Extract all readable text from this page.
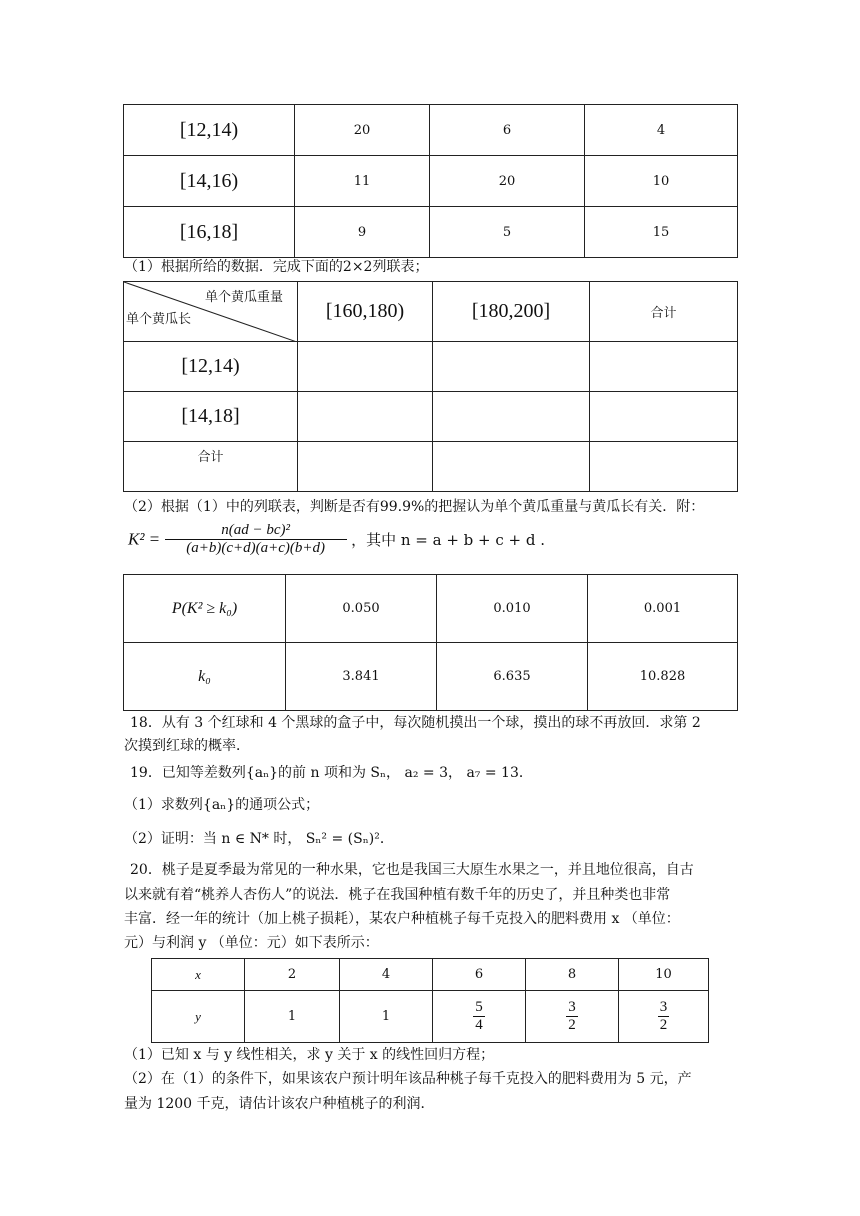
[12,14)	20	6	4
[14,16)	11	20	10
[16,18]	9	5	15
（1）根据所给的数据．完成下面的2×2列联表；
单个黄瓜重量
单个黄瓜长	[160,180)	[180,200]	合计
[12,14)			
[14,18]			
合计			
（2）根据（1）中的列联表，判断是否有99.9%的把握认为单个黄瓜重量与黄瓜长有关．附：
$K^2 = \frac{\text{n(ad − bc)²}}{(a+b)(c+d)(a+c)(b+d)}$ ，其中 n = a + b + c + d .
P(K² ≥ k₀)	0.050	0.010	0.001
k₀	3.841	6.635	10.828
18．从有 3 个红球和 4 个黑球的盒子中，每次随机摸出一个球，摸出的球不再放回．求第 2
次摸到红球的概率．
19．已知等差数列{aₙ}的前 n 项和为 Sₙ， a₂ = 3， a₇ = 13．
（1）求数列{aₙ}的通项公式；
（2）证明：当 n ∈ N* 时， Sₙ² = (Sₙ)²．
20．桃子是夏季最为常见的一种水果，它也是我国三大原生水果之一，并且地位很高，自古
以来就有着“桃养人杏伤人”的说法．桃子在我国种植有数千年的历史了，并且种类也非常
丰富．经一年的统计（加上桃子损耗），某农户种植桃子每千克投入的肥料费用 x （单位：
元）与利润 y （单位：元）如下表所示：
x	2	4	6	8	10
y	1	1	$\frac{5}{4}$	$\frac{3}{2}$	$\frac{3}{2}$
（1）已知 x 与 y 线性相关，求 y 关于 x 的线性回归方程；
（2）在（1）的条件下，如果该农户预计明年该品种桃子每千克投入的肥料费用为 5 元，产
量为 1200 千克，请估计该农户种植桃子的利润．
